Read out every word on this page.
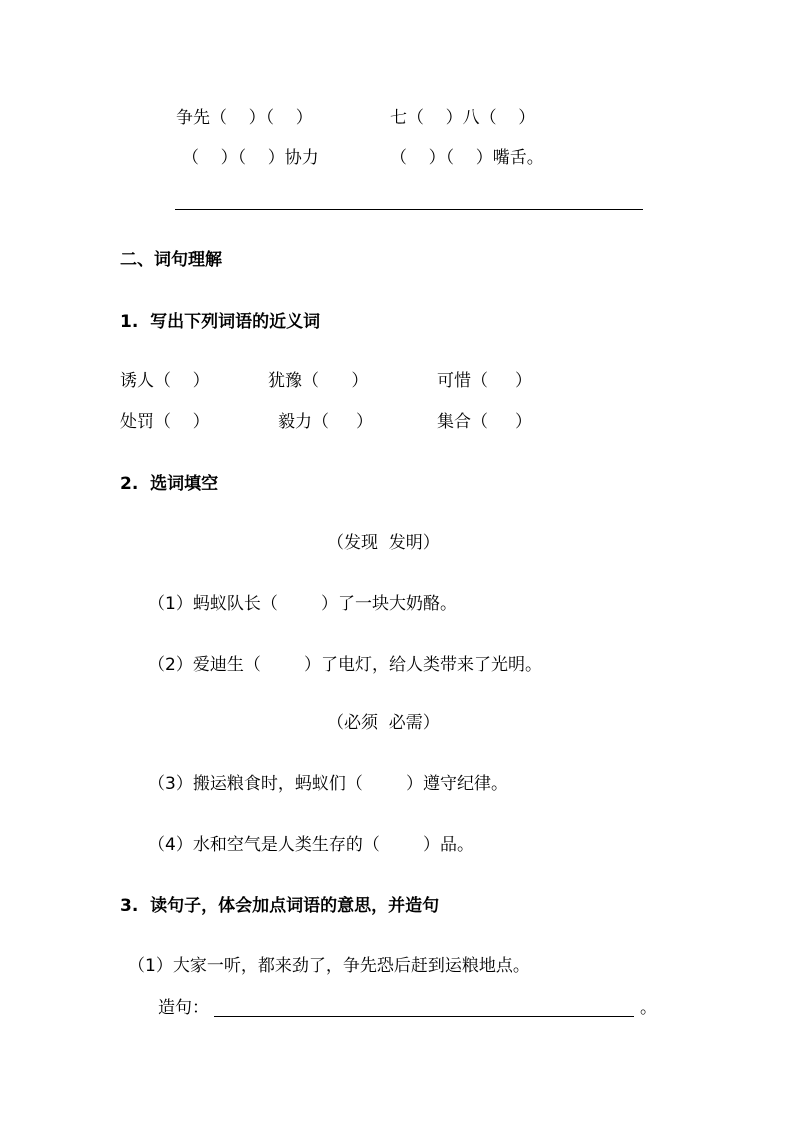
争先（    ）（    ）	七（    ）八（    ）
（    ）（    ）协力	（    ）（    ）嘴舌。
二、词句理解
1.  写出下列词语的近义词
诱人（    ）	犹豫（      ）	可惜（     ）
处罚（    ）	毅力（     ）	集合（     ）
2.  选词填空
（发现  发明）
（1）蚂蚁队长（        ）了一块大奶酪。
（2）爱迪生（        ）了电灯，给人类带来了光明。
（必须  必需）
（3）搬运粮食时，蚂蚁们（        ）遵守纪律。
（4）水和空气是人类生存的（        ）品。
3.  读句子，体会加点词语的意思，并造句
（1）大家一听，都来劲了，争先恐后赶到运粮地点。
造句：	。
